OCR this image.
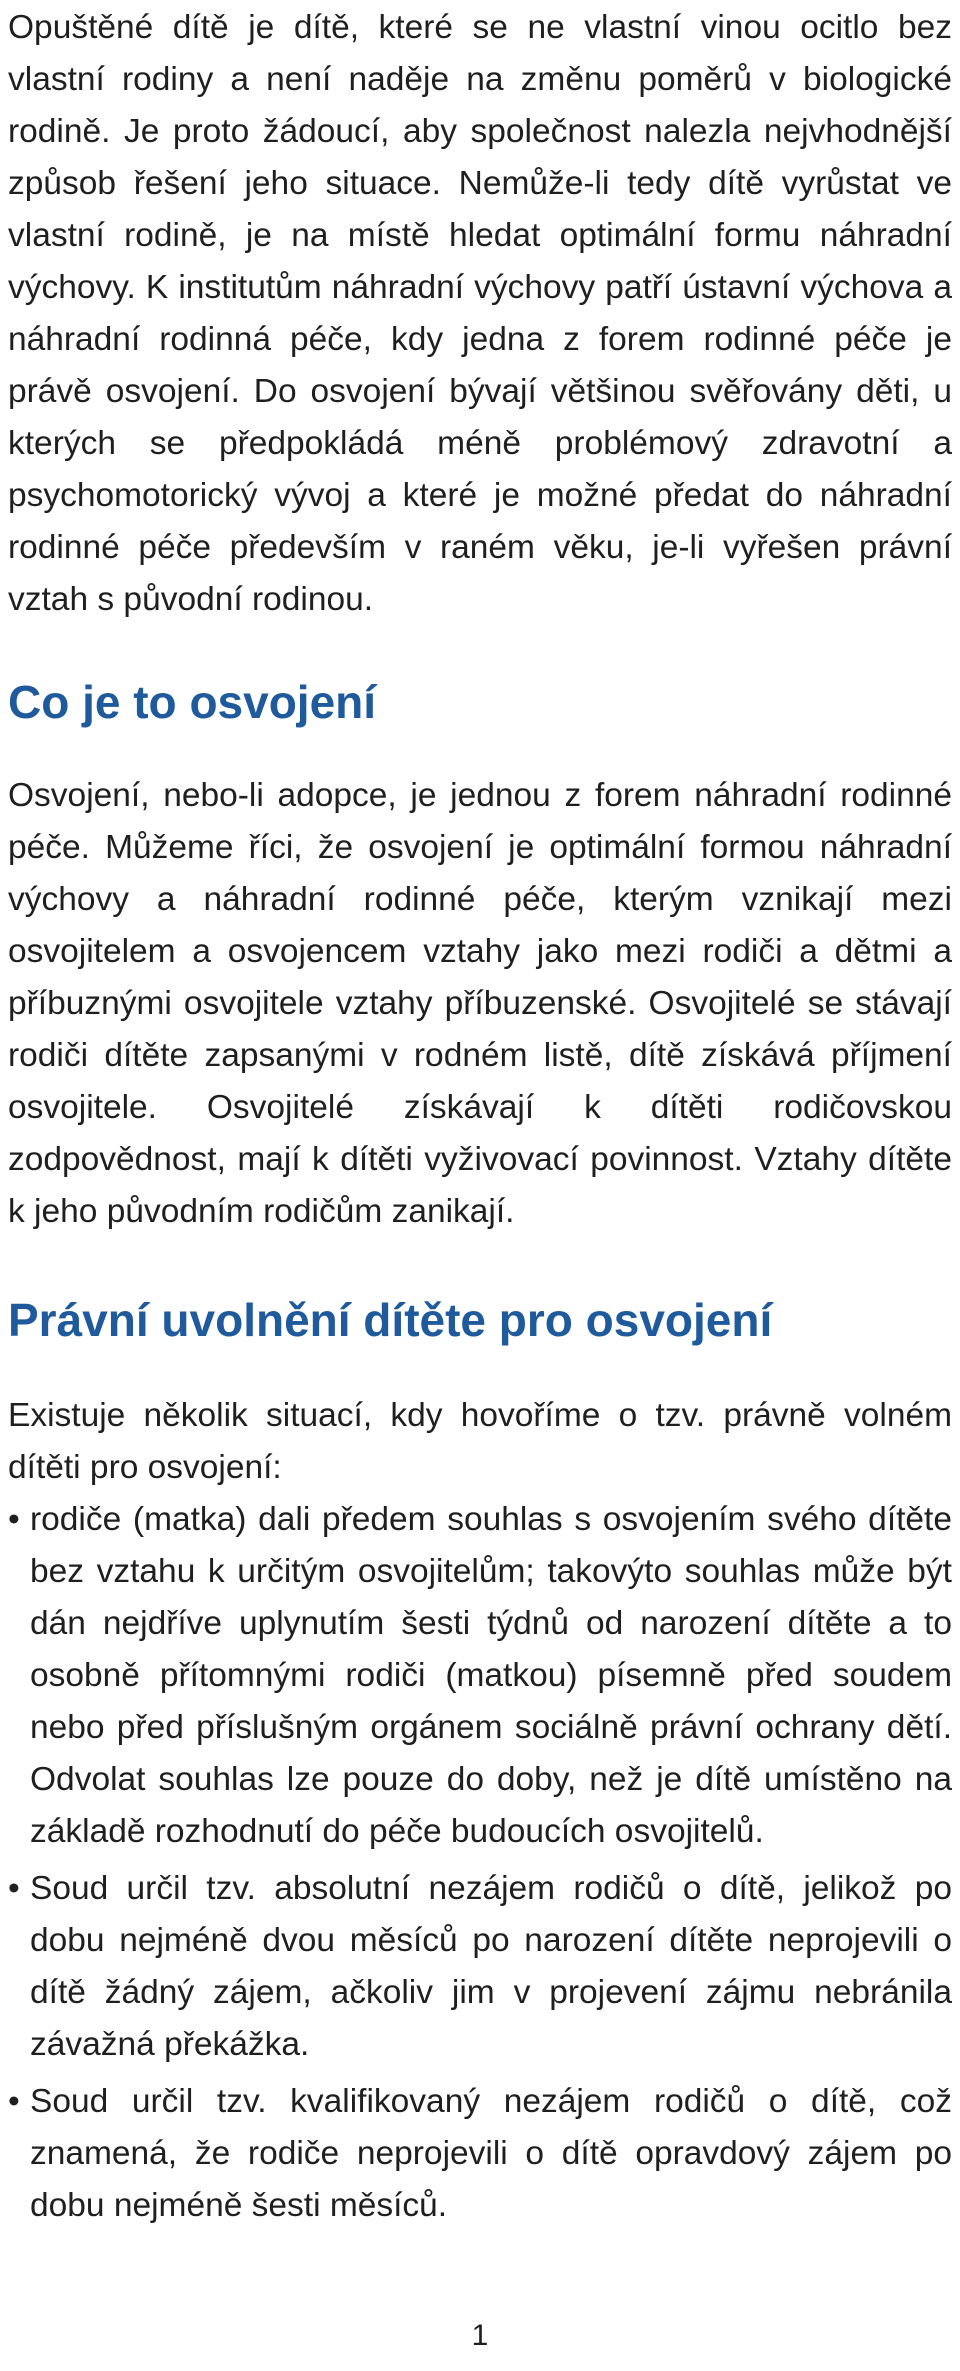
Opuštěné dítě je dítě, které se ne vlastní vinou ocitlo bez vlastní rodiny a není naděje na změnu poměrů v biologické rodině. Je proto žádoucí, aby společnost nalezla nejvhodnější způsob řešení jeho situace. Nemůže-li tedy dítě vyrůstat ve vlastní rodině, je na místě hledat optimální formu náhradní výchovy. K institutům náhradní výchovy patří ústavní výchova a náhradní rodinná péče, kdy jedna z forem rodinné péče je právě osvojení. Do osvojení bývají většinou svěřovány děti, u kterých se předpokládá méně problémový zdravotní a psychomotorický vývoj a které je možné předat do náhradní rodinné péče především v raném věku, je-li vyřešen právní vztah s původní rodinou.

Co je to osvojení

Osvojení, nebo-li adopce, je jednou z forem náhradní rodinné péče. Můžeme říci, že osvojení je optimální formou náhradní výchovy a náhradní rodinné péče, kterým vznikají mezi osvojitelem a osvojencem vztahy jako mezi rodiči a dětmi a příbuznými osvojitele vztahy příbuzenské. Osvojitelé se stávají rodiči dítěte zapsanými v rodném listě, dítě získává příjmení osvojitele. Osvojitelé získávají k dítěti rodičovskou zodpovědnost, mají k dítěti vyživovací povinnost. Vztahy dítěte k jeho původním rodičům zanikají.

Právní uvolnění dítěte pro osvojení

Existuje několik situací, kdy hovoříme o tzv. právně volném dítěti pro osvojení:

• rodiče (matka) dali předem souhlas s osvojením svého dítěte bez vztahu k určitým osvojitelům; takovýto souhlas může být dán nejdříve uplynutím šesti týdnů od narození dítěte a to osobně přítomnými rodiči (matkou) písemně před soudem nebo před příslušným orgánem sociálně právní ochrany dětí. Odvolat souhlas lze pouze do doby, než je dítě umístěno na základě rozhodnutí do péče budoucích osvojitelů.
• Soud určil tzv. absolutní nezájem rodičů o dítě, jelikož po dobu nejméně dvou měsíců po narození dítěte neprojevili o dítě žádný zájem, ačkoliv jim v projevení zájmu nebránila závažná překážka.
• Soud určil tzv. kvalifikovaný nezájem rodičů o dítě, což znamená, že rodiče neprojevili o dítě opravdový zájem po dobu nejméně šesti měsíců.
1
